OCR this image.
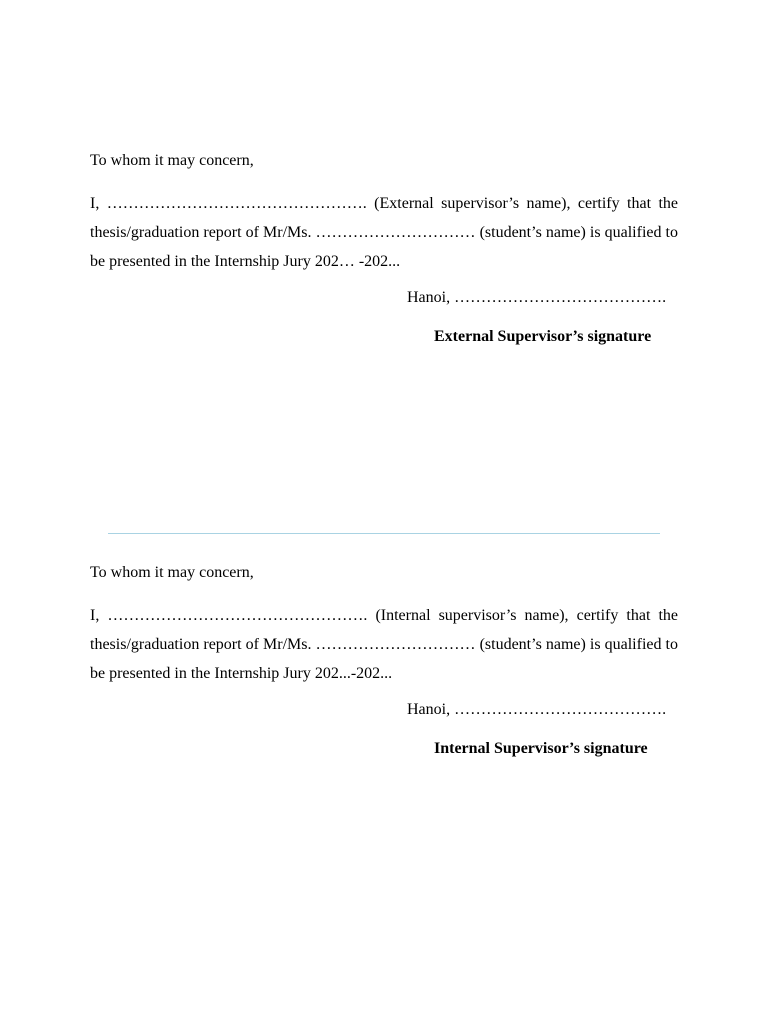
To whom it may concern,

I, …………………………………………. (External supervisor’s name), certify that the thesis/graduation report of Mr/Ms. ………………………… (student’s name) is qualified to be presented in the Internship Jury 202… -202...

Hanoi, ………………………………….
External Supervisor’s signature

To whom it may concern,

I, …………………………………………. (Internal supervisor’s name), certify that the thesis/graduation report of Mr/Ms. ………………………… (student’s name) is qualified to be presented in the Internship Jury 202...-202...

Hanoi, ………………………………….
Internal Supervisor’s signature
